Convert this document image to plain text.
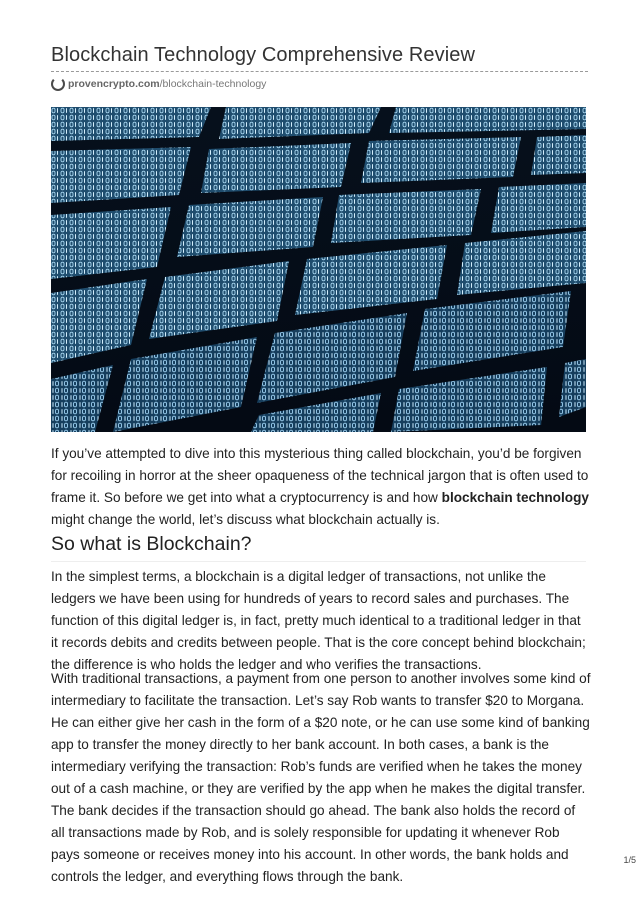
Blockchain Technology Comprehensive Review
provencrypto.com /blockchain-technology

If you’ve attempted to dive into this mysterious thing called blockchain, you’d be forgiven for recoiling in horror at the sheer opaqueness of the technical jargon that is often used to frame it. So before we get into what a cryptocurrency is and how blockchain technology might change the world, let’s discuss what blockchain actually is.

So what is Blockchain?

In the simplest terms, a blockchain is a digital ledger of transactions, not unlike the ledgers we have been using for hundreds of years to record sales and purchases. The function of this digital ledger is, in fact, pretty much identical to a traditional ledger in that it records debits and credits between people. That is the core concept behind blockchain; the difference is who holds the ledger and who verifies the transactions.

With traditional transactions, a payment from one person to another involves some kind of intermediary to facilitate the transaction. Let’s say Rob wants to transfer $20 to Morgana. He can either give her cash in the form of a $20 note, or he can use some kind of banking app to transfer the money directly to her bank account. In both cases, a bank is the intermediary verifying the transaction: Rob’s funds are verified when he takes the money out of a cash machine, or they are verified by the app when he makes the digital transfer. The bank decides if the transaction should go ahead. The bank also holds the record of all transactions made by Rob, and is solely responsible for updating it whenever Rob pays someone or receives money into his account. In other words, the bank holds and controls the ledger, and everything flows through the bank.

1/5
